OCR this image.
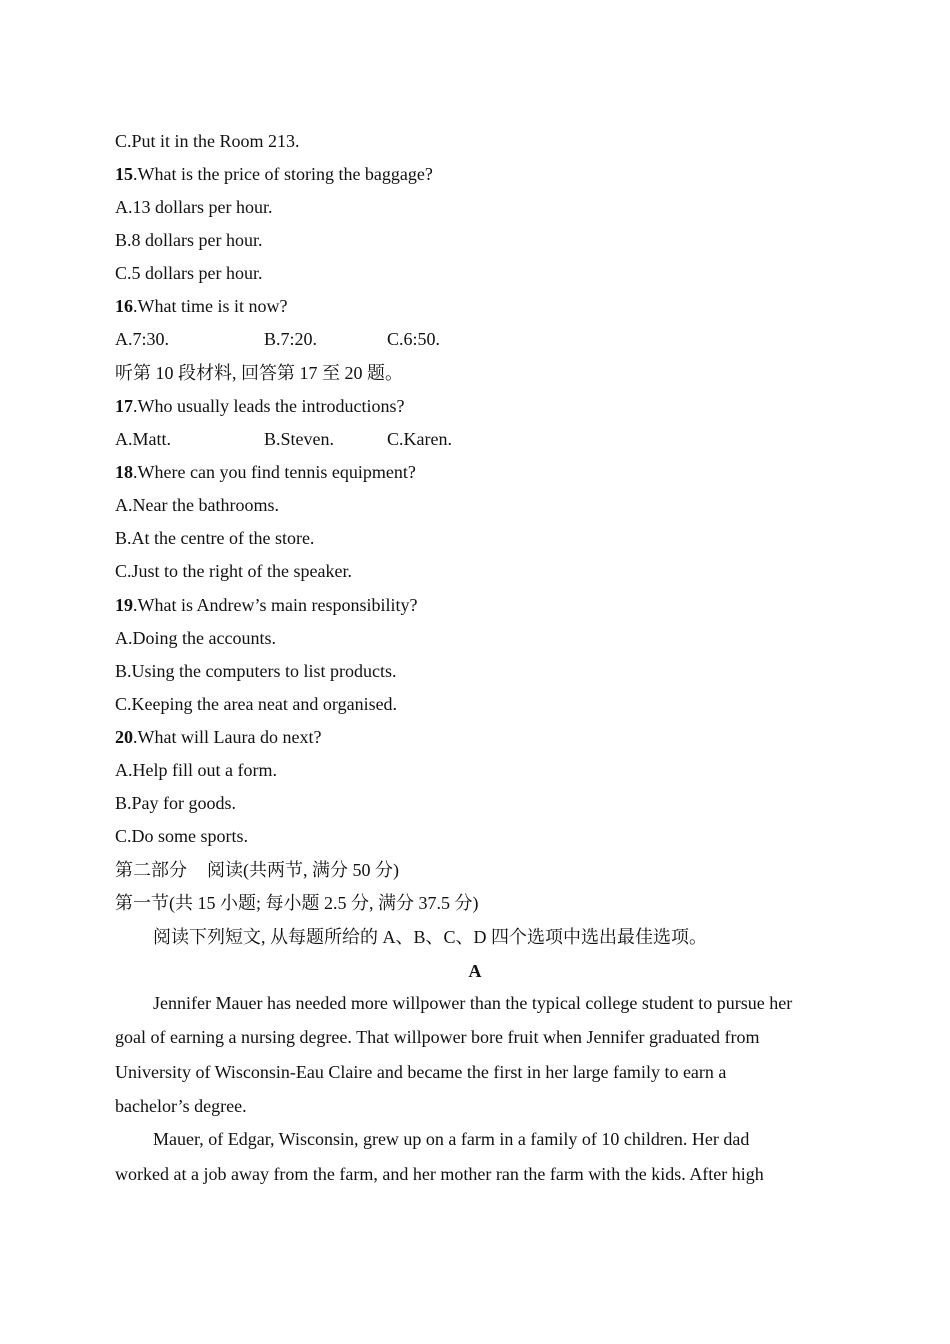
C.Put it in the Room 213.
15.What is the price of storing the baggage?
A.13 dollars per hour.
B.8 dollars per hour.
C.5 dollars per hour.
16.What time is it now?
A.7:30.	B.7:20.	C.6:50.
听第 10 段材料, 回答第 17 至 20 题。
17.Who usually leads the introductions?
A.Matt.	B.Steven.	C.Karen.
18.Where can you find tennis equipment?
A.Near the bathrooms.
B.At the centre of the store.
C.Just to the right of the speaker.
19.What is Andrew’s main responsibility?
A.Doing the accounts.
B.Using the computers to list products.
C.Keeping the area neat and organised.
20.What will Laura do next?
A.Help fill out a form.
B.Pay for goods.
C.Do some sports.
第二部分 阅读(共两节, 满分 50 分)
第一节(共 15 小题; 每小题 2.5 分, 满分 37.5 分)
阅读下列短文, 从每题所给的 A、B、C、D 四个选项中选出最佳选项。
A
Jennifer Mauer has needed more willpower than the typical college student to pursue her
goal of earning a nursing degree. That willpower bore fruit when Jennifer graduated from
University of Wisconsin-Eau Claire and became the first in her large family to earn a
bachelor’s degree.
Mauer, of Edgar, Wisconsin, grew up on a farm in a family of 10 children. Her dad
worked at a job away from the farm, and her mother ran the farm with the kids. After high
